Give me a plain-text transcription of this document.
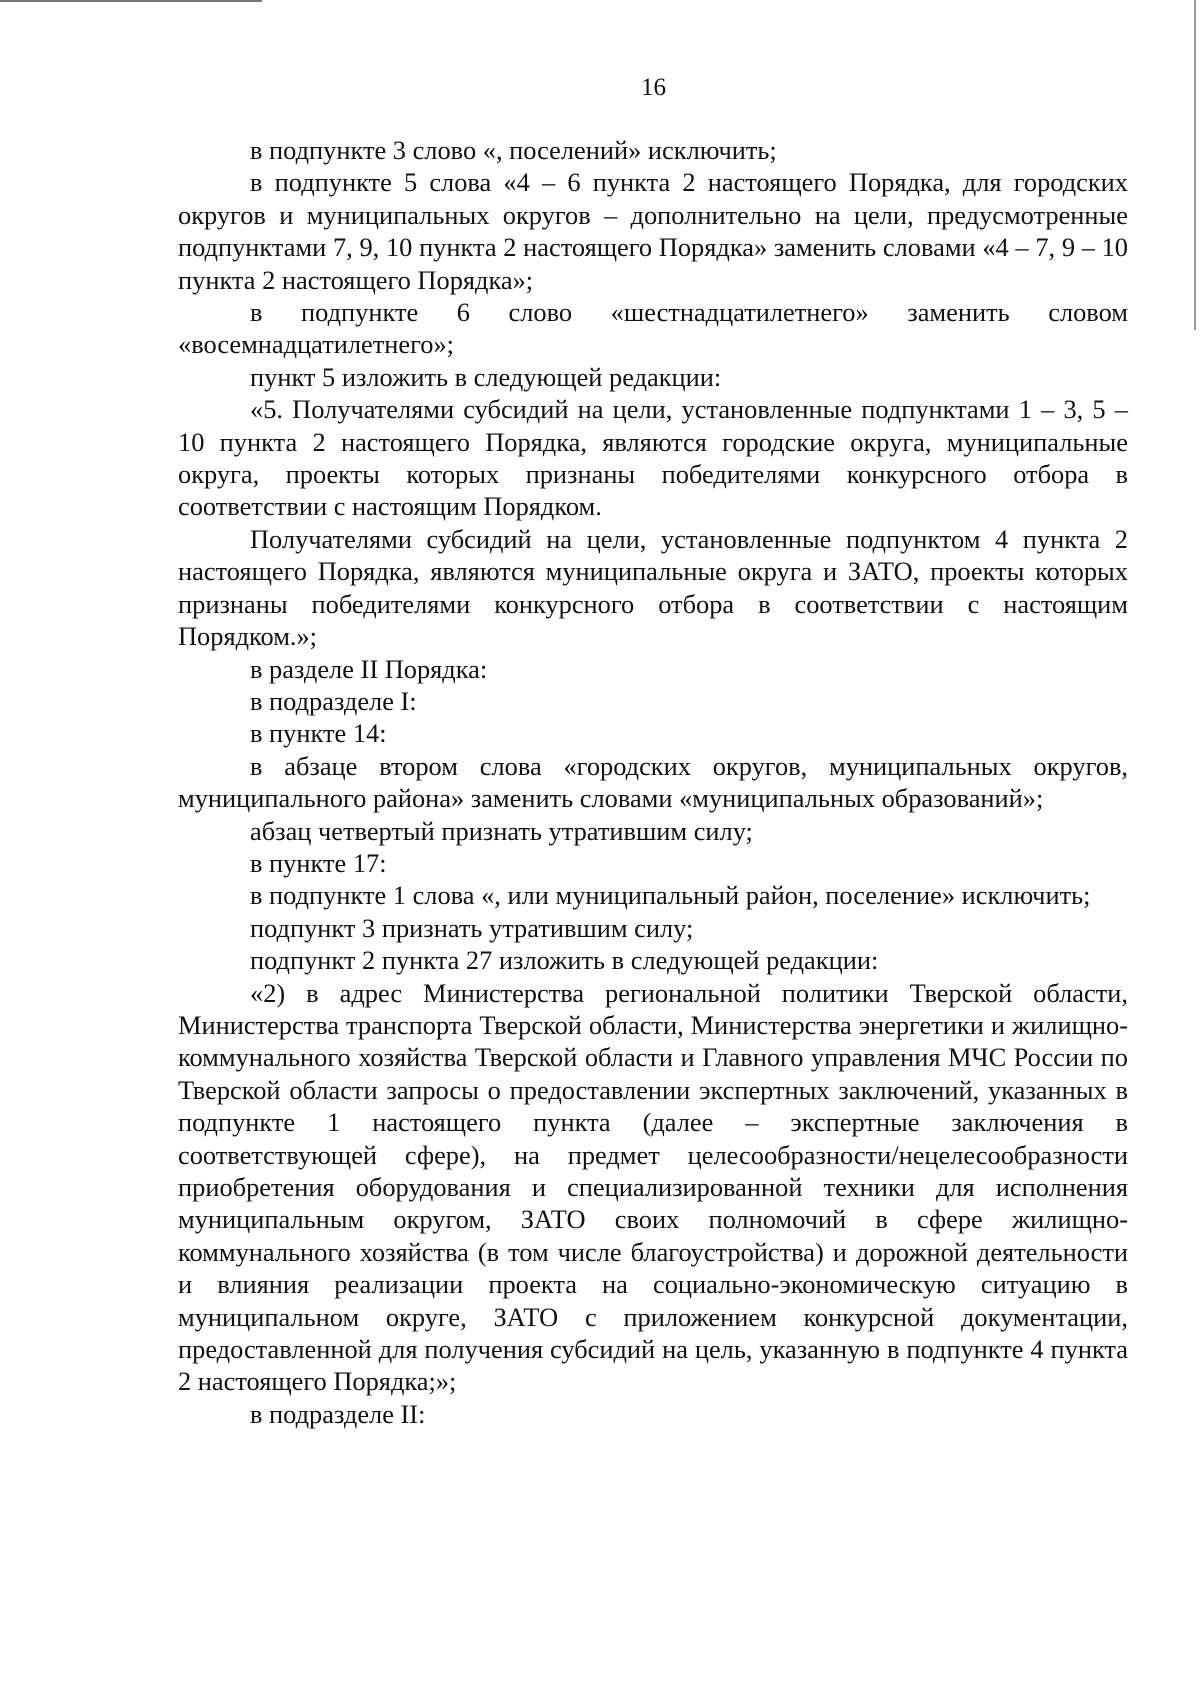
16

в подпункте 3 слово «, поселений» исключить;

в подпункте 5 слова «4 – 6 пункта 2 настоящего Порядка, для городских округов и муниципальных округов – дополнительно на цели, предусмотренные подпунктами 7, 9, 10 пункта 2 настоящего Порядка» заменить словами «4 – 7, 9 – 10 пункта 2 настоящего Порядка»;

в подпункте 6 слово «шестнадцатилетнего» заменить словом «восемнадцатилетнего»;

пункт 5 изложить в следующей редакции:

«5. Получателями субсидий на цели, установленные подпунктами 1 – 3, 5 – 10 пункта 2 настоящего Порядка, являются городские округа, муниципальные округа, проекты которых признаны победителями конкурсного отбора в соответствии с настоящим Порядком.

Получателями субсидий на цели, установленные подпунктом 4 пункта 2 настоящего Порядка, являются муниципальные округа и ЗАТО, проекты которых признаны победителями конкурсного отбора в соответствии с настоящим Порядком.»;

в разделе II Порядка:

в подразделе I:

в пункте 14:

в абзаце втором слова «городских округов, муниципальных округов, муниципального района» заменить словами «муниципальных образований»;

абзац четвертый признать утратившим силу;

в пункте 17:

в подпункте 1 слова «, или муниципальный район, поселение» исключить;

подпункт 3 признать утратившим силу;

подпункт 2 пункта 27 изложить в следующей редакции:

«2) в адрес Министерства региональной политики Тверской области, Министерства транспорта Тверской области, Министерства энергетики и жилищно-коммунального хозяйства Тверской области и Главного управления МЧС России по Тверской области запросы о предоставлении экспертных заключений, указанных в подпункте 1 настоящего пункта (далее – экспертные заключения в соответствующей сфере), на предмет целесообразности/нецелесообразности приобретения оборудования и специализированной техники для исполнения муниципальным округом, ЗАТО своих полномочий в сфере жилищно-коммунального хозяйства (в том числе благоустройства) и дорожной деятельности и влияния реализации проекта на социально-экономическую ситуацию в муниципальном округе, ЗАТО с приложением конкурсной документации, предоставленной для получения субсидий на цель, указанную в подпункте 4 пункта 2 настоящего Порядка;»;

в подразделе II:
